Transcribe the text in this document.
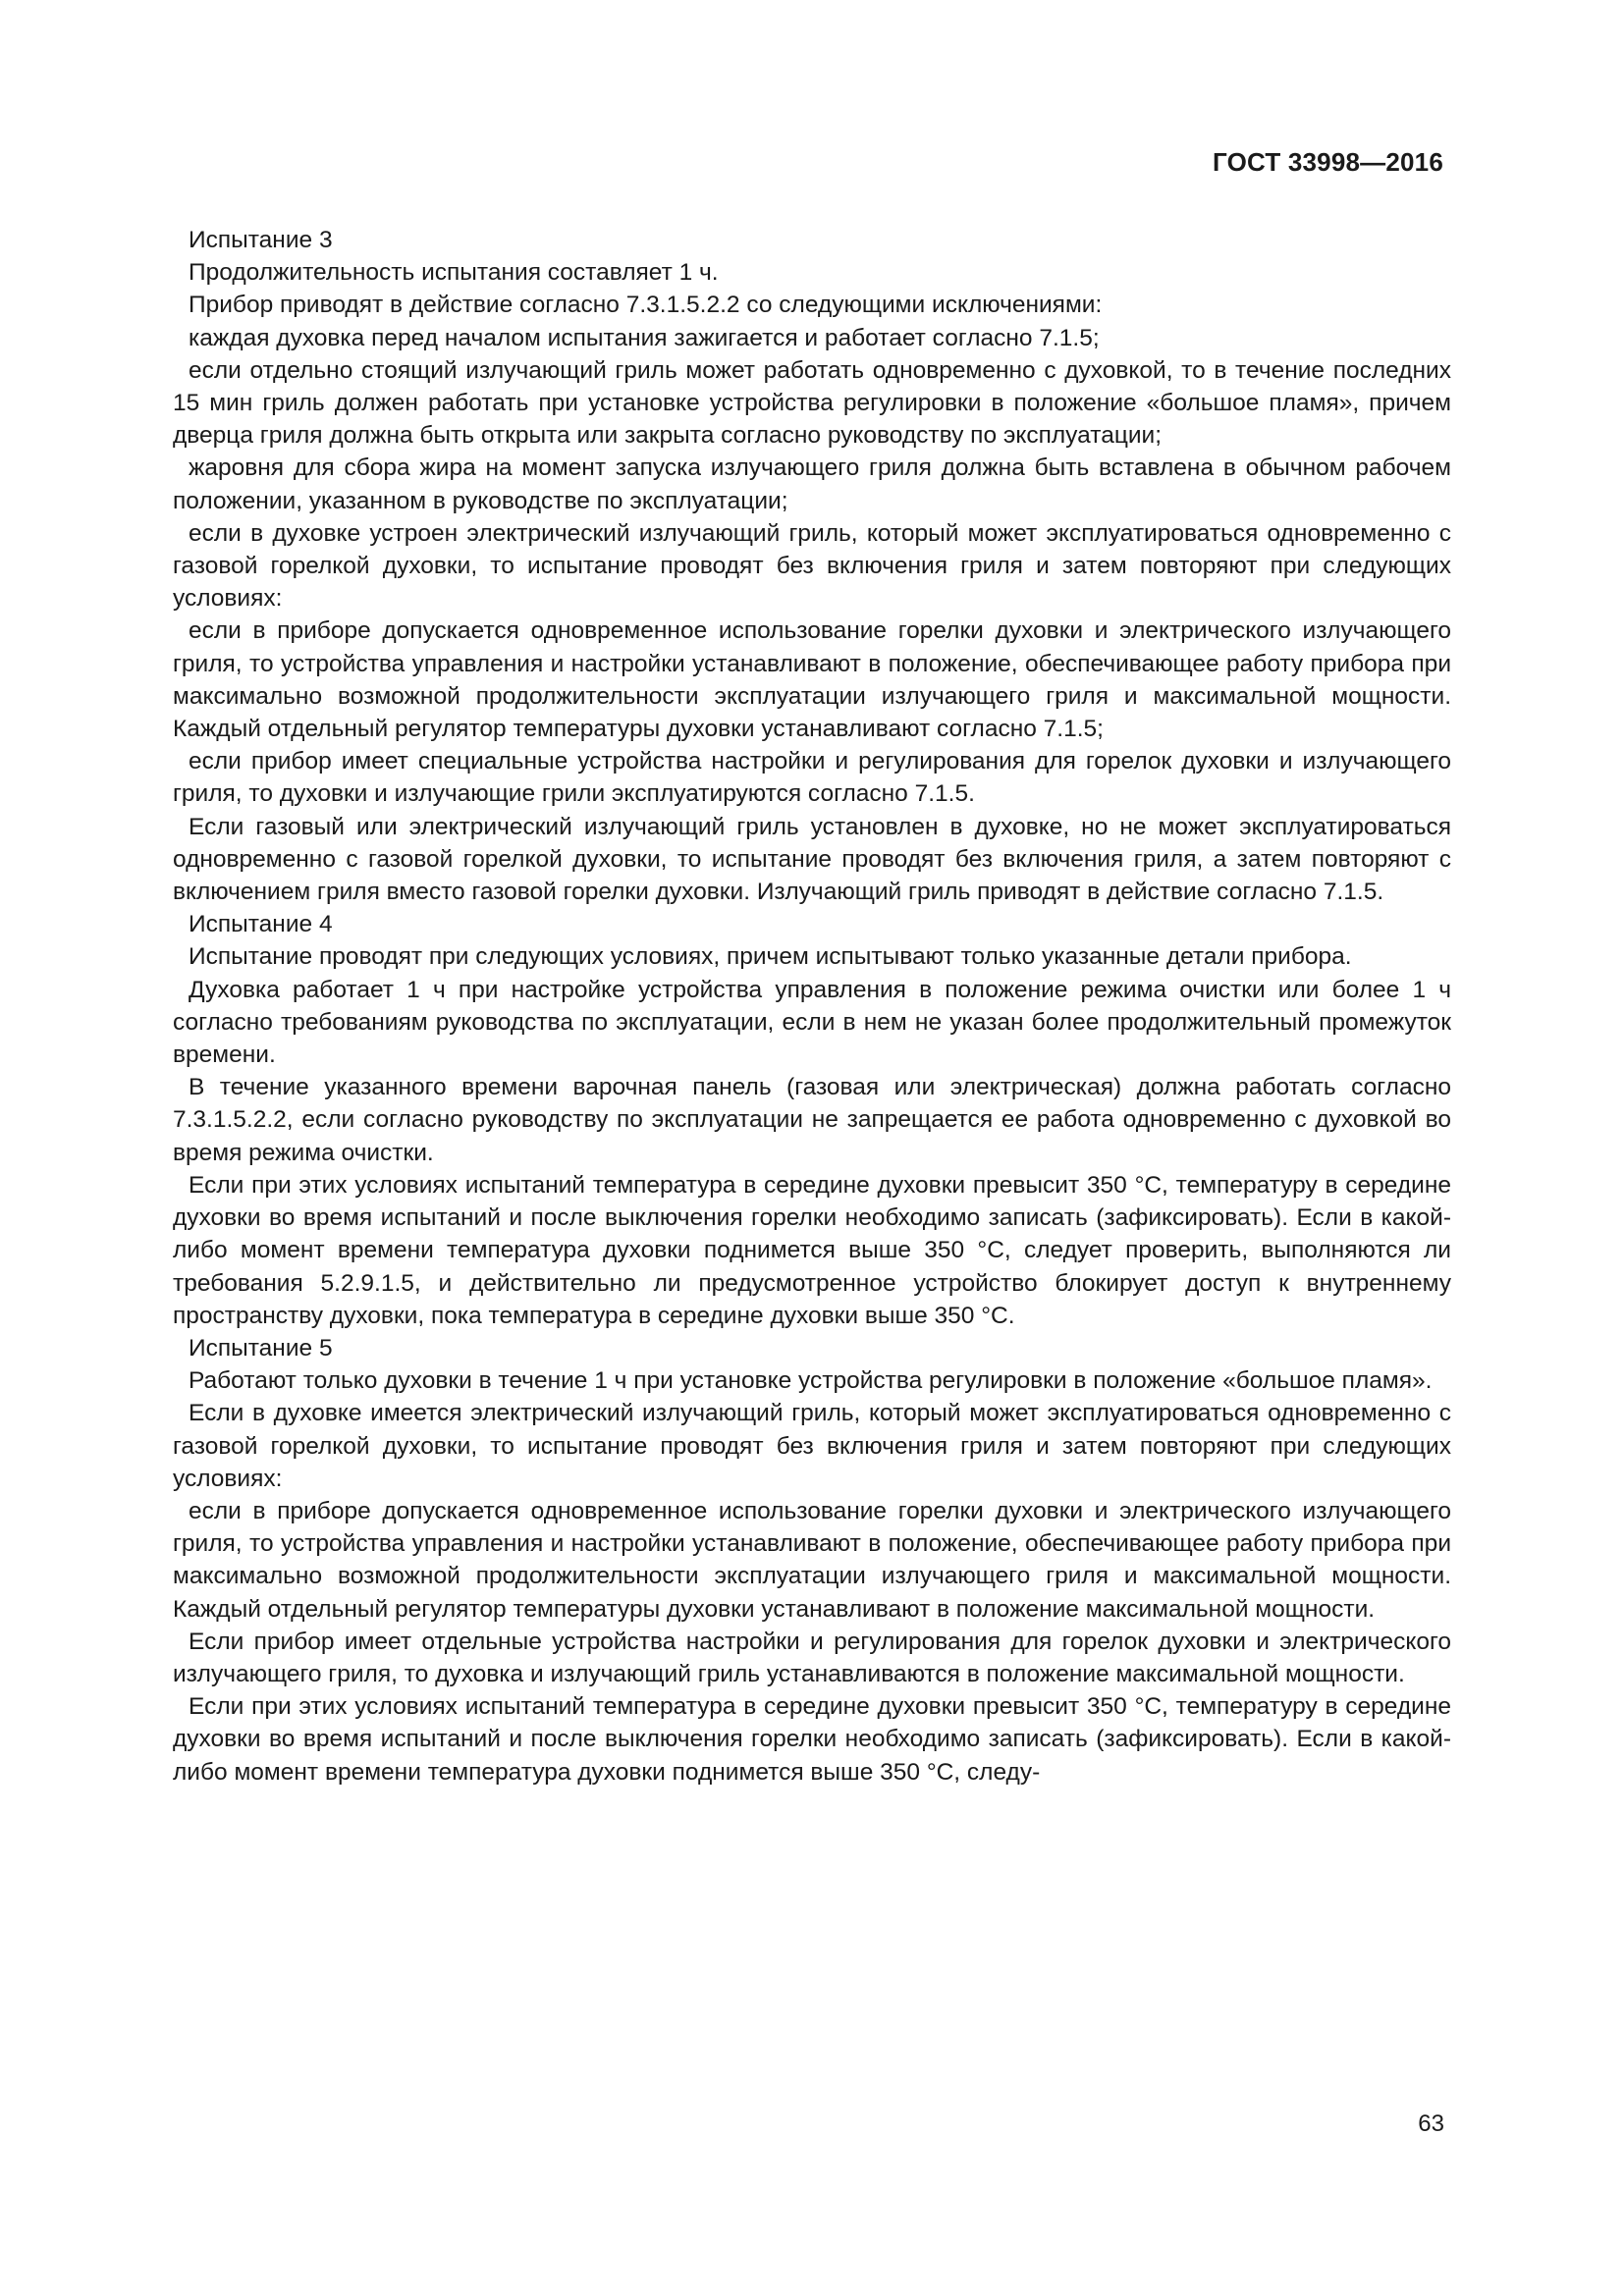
ГОСТ 33998—2016

Испытание 3

Продолжительность испытания составляет 1 ч.

Прибор приводят в действие согласно 7.3.1.5.2.2 со следующими исключениями:

каждая духовка перед началом испытания зажигается и работает согласно 7.1.5;

если отдельно стоящий излучающий гриль может работать одновременно с духовкой, то в течение последних 15 мин гриль должен работать при установке устройства регулировки в положение «большое пламя», причем дверца гриля должна быть открыта или закрыта согласно руководству по эксплуатации;

жаровня для сбора жира на момент запуска излучающего гриля должна быть вставлена в обычном рабочем положении, указанном в руководстве по эксплуатации;

если в духовке устроен электрический излучающий гриль, который может эксплуатироваться одновременно с газовой горелкой духовки, то испытание проводят без включения гриля и затем повторяют при следующих условиях:

если в приборе допускается одновременное использование горелки духовки и электрического излучающего гриля, то устройства управления и настройки устанавливают в положение, обеспечивающее работу прибора при максимально возможной продолжительности эксплуатации излучающего гриля и максимальной мощности. Каждый отдельный регулятор температуры духовки устанавливают согласно 7.1.5;

если прибор имеет специальные устройства настройки и регулирования для горелок духовки и излучающего гриля, то духовки и излучающие грили эксплуатируются согласно 7.1.5.

Если газовый или электрический излучающий гриль установлен в духовке, но не может эксплуатироваться одновременно с газовой горелкой духовки, то испытание проводят без включения гриля, а затем повторяют с включением гриля вместо газовой горелки духовки. Излучающий гриль приводят в действие согласно 7.1.5.

Испытание 4

Испытание проводят при следующих условиях, причем испытывают только указанные детали прибора.

Духовка работает 1 ч при настройке устройства управления в положение режима очистки или более 1 ч согласно требованиям руководства по эксплуатации, если в нем не указан более продолжительный промежуток времени.

В течение указанного времени варочная панель (газовая или электрическая) должна работать согласно 7.3.1.5.2.2, если согласно руководству по эксплуатации не запрещается ее работа одновременно с духовкой во время режима очистки.

Если при этих условиях испытаний температура в середине духовки превысит 350 °С, температуру в середине духовки во время испытаний и после выключения горелки необходимо записать (зафиксировать). Если в какой-либо момент времени температура духовки поднимется выше 350 °С, следует проверить, выполняются ли требования 5.2.9.1.5, и действительно ли предусмотренное устройство блокирует доступ к внутреннему пространству духовки, пока температура в середине духовки выше 350 °С.

Испытание 5

Работают только духовки в течение 1 ч при установке устройства регулировки в положение «большое пламя».

Если в духовке имеется электрический излучающий гриль, который может эксплуатироваться одновременно с газовой горелкой духовки, то испытание проводят без включения гриля и затем повторяют при следующих условиях:

если в приборе допускается одновременное использование горелки духовки и электрического излучающего гриля, то устройства управления и настройки устанавливают в положение, обеспечивающее работу прибора при максимально возможной продолжительности эксплуатации излучающего гриля и максимальной мощности. Каждый отдельный регулятор температуры духовки устанавливают в положение максимальной мощности.

Если прибор имеет отдельные устройства настройки и регулирования для горелок духовки и электрического излучающего гриля, то духовка и излучающий гриль устанавливаются в положение максимальной мощности.

Если при этих условиях испытаний температура в середине духовки превысит 350 °С, температуру в середине духовки во время испытаний и после выключения горелки необходимо записать (зафиксировать). Если в какой-либо момент времени температура духовки поднимется выше 350 °С, следу-

63
